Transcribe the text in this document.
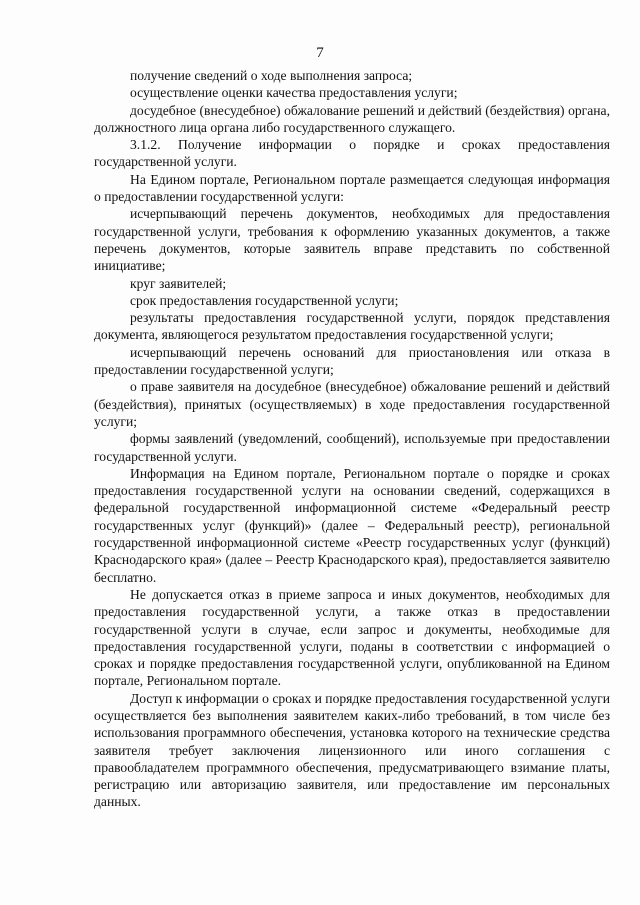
7

получение сведений о ходе выполнения запроса;

осуществление оценки качества предоставления услуги;

досудебное (внесудебное) обжалование решений и действий (бездействия) органа, должностного лица органа либо государственного служащего.

3.1.2. Получение информации о порядке и сроках предоставления государственной услуги.

На Едином портале, Региональном портале размещается следующая информация о предоставлении государственной услуги:

исчерпывающий перечень документов, необходимых для предоставления государственной услуги, требования к оформлению указанных документов, а также перечень документов, которые заявитель вправе представить по собственной инициативе;

круг заявителей;

срок предоставления государственной услуги;

результаты предоставления государственной услуги, порядок представления документа, являющегося результатом предоставления государственной услуги;

исчерпывающий перечень оснований для приостановления или отказа в предоставлении государственной услуги;

о праве заявителя на досудебное (внесудебное) обжалование решений и действий (бездействия), принятых (осуществляемых) в ходе предоставления государственной услуги;

формы заявлений (уведомлений, сообщений), используемые при предоставлении государственной услуги.

Информация на Едином портале, Региональном портале о порядке и сроках предоставления государственной услуги на основании сведений, содержащихся в федеральной государственной информационной системе «Федеральный реестр государственных услуг (функций)» (далее – Федеральный реестр), региональной государственной информационной системе «Реестр государственных услуг (функций) Краснодарского края» (далее – Реестр Краснодарского края), предоставляется заявителю бесплатно.

Не допускается отказ в приеме запроса и иных документов, необходимых для предоставления государственной услуги, а также отказ в предоставлении государственной услуги в случае, если запрос и документы, необходимые для предоставления государственной услуги, поданы в соответствии с информацией о сроках и порядке предоставления государственной услуги, опубликованной на Едином портале, Региональном портале.

Доступ к информации о сроках и порядке предоставления государственной услуги осуществляется без выполнения заявителем каких-либо требований, в том числе без использования программного обеспечения, установка которого на технические средства заявителя требует заключения лицензионного или иного соглашения с правообладателем программного обеспечения, предусматривающего взимание платы, регистрацию или авторизацию заявителя, или предоставление им персональных данных.
